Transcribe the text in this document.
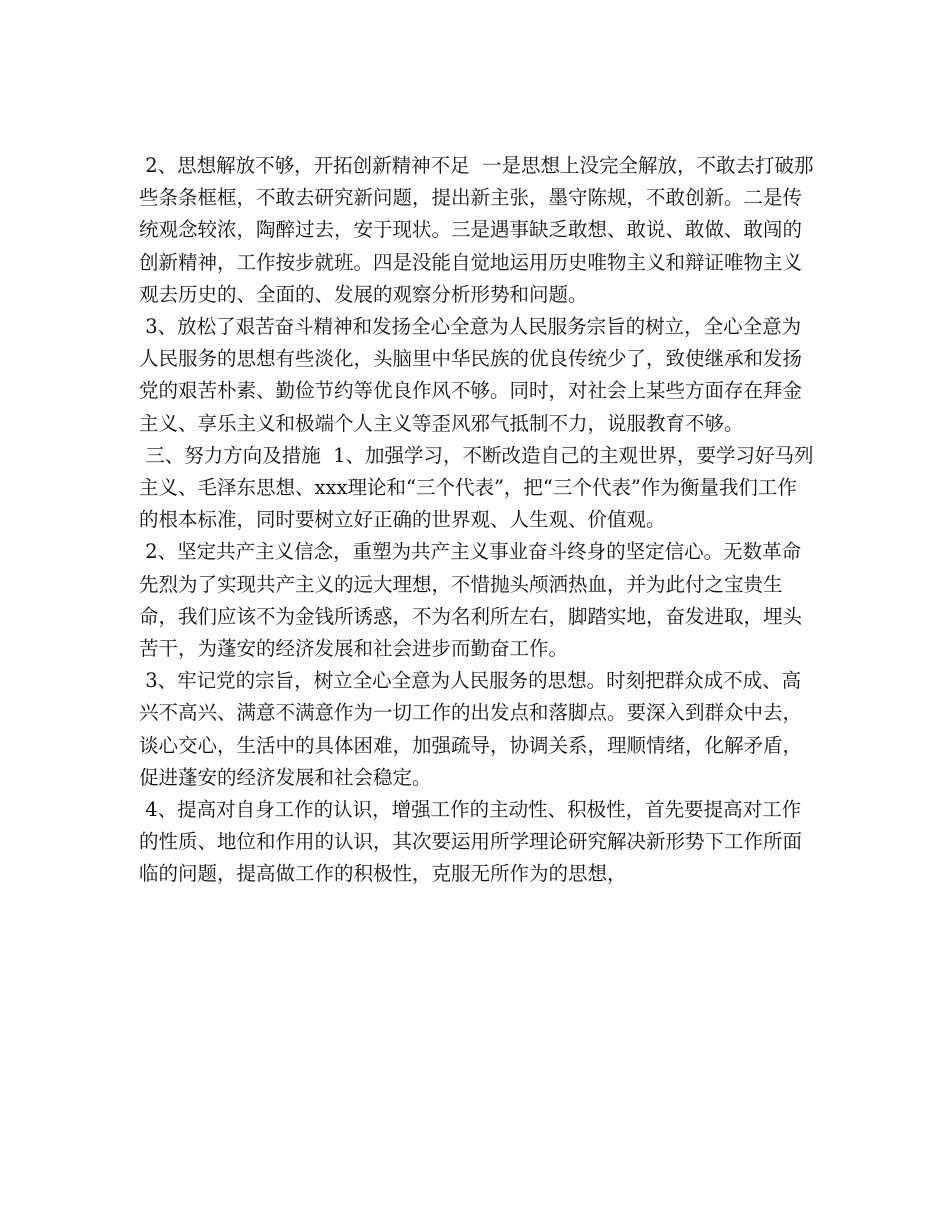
2、思想解放不够，开拓创新精神不足  一是思想上没完全解放，不敢去打破那些条条框框，不敢去研究新问题，提出新主张，墨守陈规，不敢创新。二是传统观念较浓，陶醉过去，安于现状。三是遇事缺乏敢想、敢说、敢做、敢闯的创新精神，工作按步就班。四是没能自觉地运用历史唯物主义和辩证唯物主义观去历史的、全面的、发展的观察分析形势和问题。

3、放松了艰苦奋斗精神和发扬全心全意为人民服务宗旨的树立，全心全意为人民服务的思想有些淡化，头脑里中华民族的优良传统少了，致使继承和发扬党的艰苦朴素、勤俭节约等优良作风不够。同时，对社会上某些方面存在拜金主义、享乐主义和极端个人主义等歪风邪气抵制不力，说服教育不够。

三、努力方向及措施  1、加强学习，不断改造自己的主观世界，要学习好马列主义、毛泽东思想、xxx理论和“三个代表”，把“三个代表”作为衡量我们工作的根本标准，同时要树立好正确的世界观、人生观、价值观。

2、坚定共产主义信念，重塑为共产主义事业奋斗终身的坚定信心。无数革命先烈为了实现共产主义的远大理想，不惜抛头颅洒热血，并为此付之宝贵生命，我们应该不为金钱所诱惑，不为名利所左右，脚踏实地，奋发进取，埋头苦干，为蓬安的经济发展和社会进步而勤奋工作。

3、牢记党的宗旨，树立全心全意为人民服务的思想。时刻把群众成不成、高兴不高兴、满意不满意作为一切工作的出发点和落脚点。要深入到群众中去，谈心交心，生活中的具体困难，加强疏导，协调关系，理顺情绪，化解矛盾，促进蓬安的经济发展和社会稳定。

4、提高对自身工作的认识，增强工作的主动性、积极性，首先要提高对工作的性质、地位和作用的认识，其次要运用所学理论研究解决新形势下工作所面临的问题，提高做工作的积极性，克服无所作为的思想，
